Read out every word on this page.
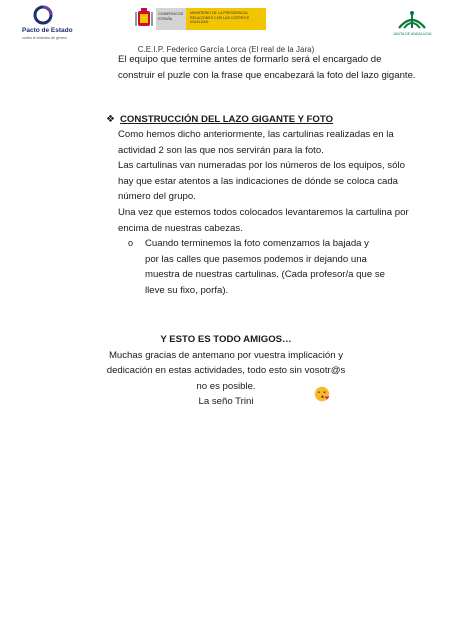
Pacto de Estado
contra la violencia de género
GOBIERNO DE ESPAÑA
MINISTERIO DE LA PRESIDENCIA, RELACIONES CON LAS CORTES E IGUALDAD
JUNTA DE ANDALUCIA
C.E.I.P. Federico García Lorca (El real de la Jara)
El equipo que termine antes de formarlo será el encargado de construir el puzle con la frase que encabezará la foto del lazo gigante.
❖ CONSTRUCCIÓN DEL LAZO GIGANTE Y FOTO
Como hemos dicho anteriormente, las cartulinas realizadas en la actividad 2 son las que nos servirán para la foto.
Las cartulinas van numeradas por los números de los equipos, sólo hay que estar atentos a las indicaciones de dónde se coloca cada número del grupo.
Una vez que estemos todos colocados levantaremos la cartulina por encima de nuestras cabezas.
o Cuando terminemos la foto comenzamos la bajada y por las calles que pasemos podemos ir dejando una muestra de nuestras cartulinas. (Cada profesor/a que se lleve su fixo, porfa).
Y ESTO ES TODO AMIGOS…
Muchas gracias de antemano por vuestra implicación y dedicación en estas actividades, todo esto sin vosotr@s no es posible.
La seño Trini
